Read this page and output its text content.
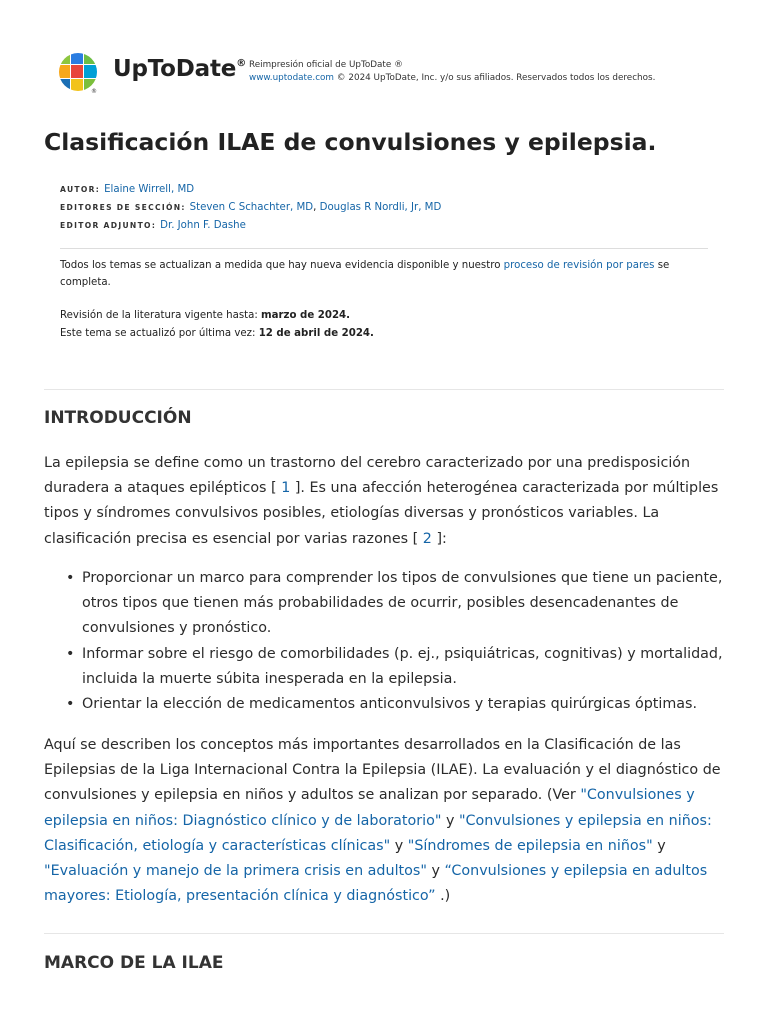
®
UpToDate® Reimpresión oficial de UpToDate ®
www.uptodate.com © 2024 UpToDate, Inc. y/o sus afiliados. Reservados todos los derechos.
Clasificación ILAE de convulsiones y epilepsia.
AUTOR: Elaine Wirrell, MD
EDITORES DE SECCIÓN: Steven C Schachter, MD, Douglas R Nordli, Jr, MD
EDITOR ADJUNTO: Dr. John F. Dashe
Todos los temas se actualizan a medida que hay nueva evidencia disponible y nuestro proceso de revisión por pares se completa.
Revisión de la literatura vigente hasta: marzo de 2024.
Este tema se actualizó por última vez: 12 de abril de 2024.
INTRODUCCIÓN

La epilepsia se define como un trastorno del cerebro caracterizado por una predisposición duradera a ataques epilépticos [ 1 ]. Es una afección heterogénea caracterizada por múltiples tipos y síndromes convulsivos posibles, etiologías diversas y pronósticos variables. La clasificación precisa es esencial por varias razones [ 2 ]:

• Proporcionar un marco para comprender los tipos de convulsiones que tiene un paciente, otros tipos que tienen más probabilidades de ocurrir, posibles desencadenantes de convulsiones y pronóstico.
• Informar sobre el riesgo de comorbilidades (p. ej., psiquiátricas, cognitivas) y mortalidad, incluida la muerte súbita inesperada en la epilepsia.
• Orientar la elección de medicamentos anticonvulsivos y terapias quirúrgicas óptimas.

Aquí se describen los conceptos más importantes desarrollados en la Clasificación de las Epilepsias de la Liga Internacional Contra la Epilepsia (ILAE). La evaluación y el diagnóstico de convulsiones y epilepsia en niños y adultos se analizan por separado. (Ver "Convulsiones y epilepsia en niños: Diagnóstico clínico y de laboratorio" y "Convulsiones y epilepsia en niños: Clasificación, etiología y características clínicas" y "Síndromes de epilepsia en niños" y "Evaluación y manejo de la primera crisis en adultos" y “Convulsiones y epilepsia en adultos mayores: Etiología, presentación clínica y diagnóstico” .)

MARCO DE LA ILAE
